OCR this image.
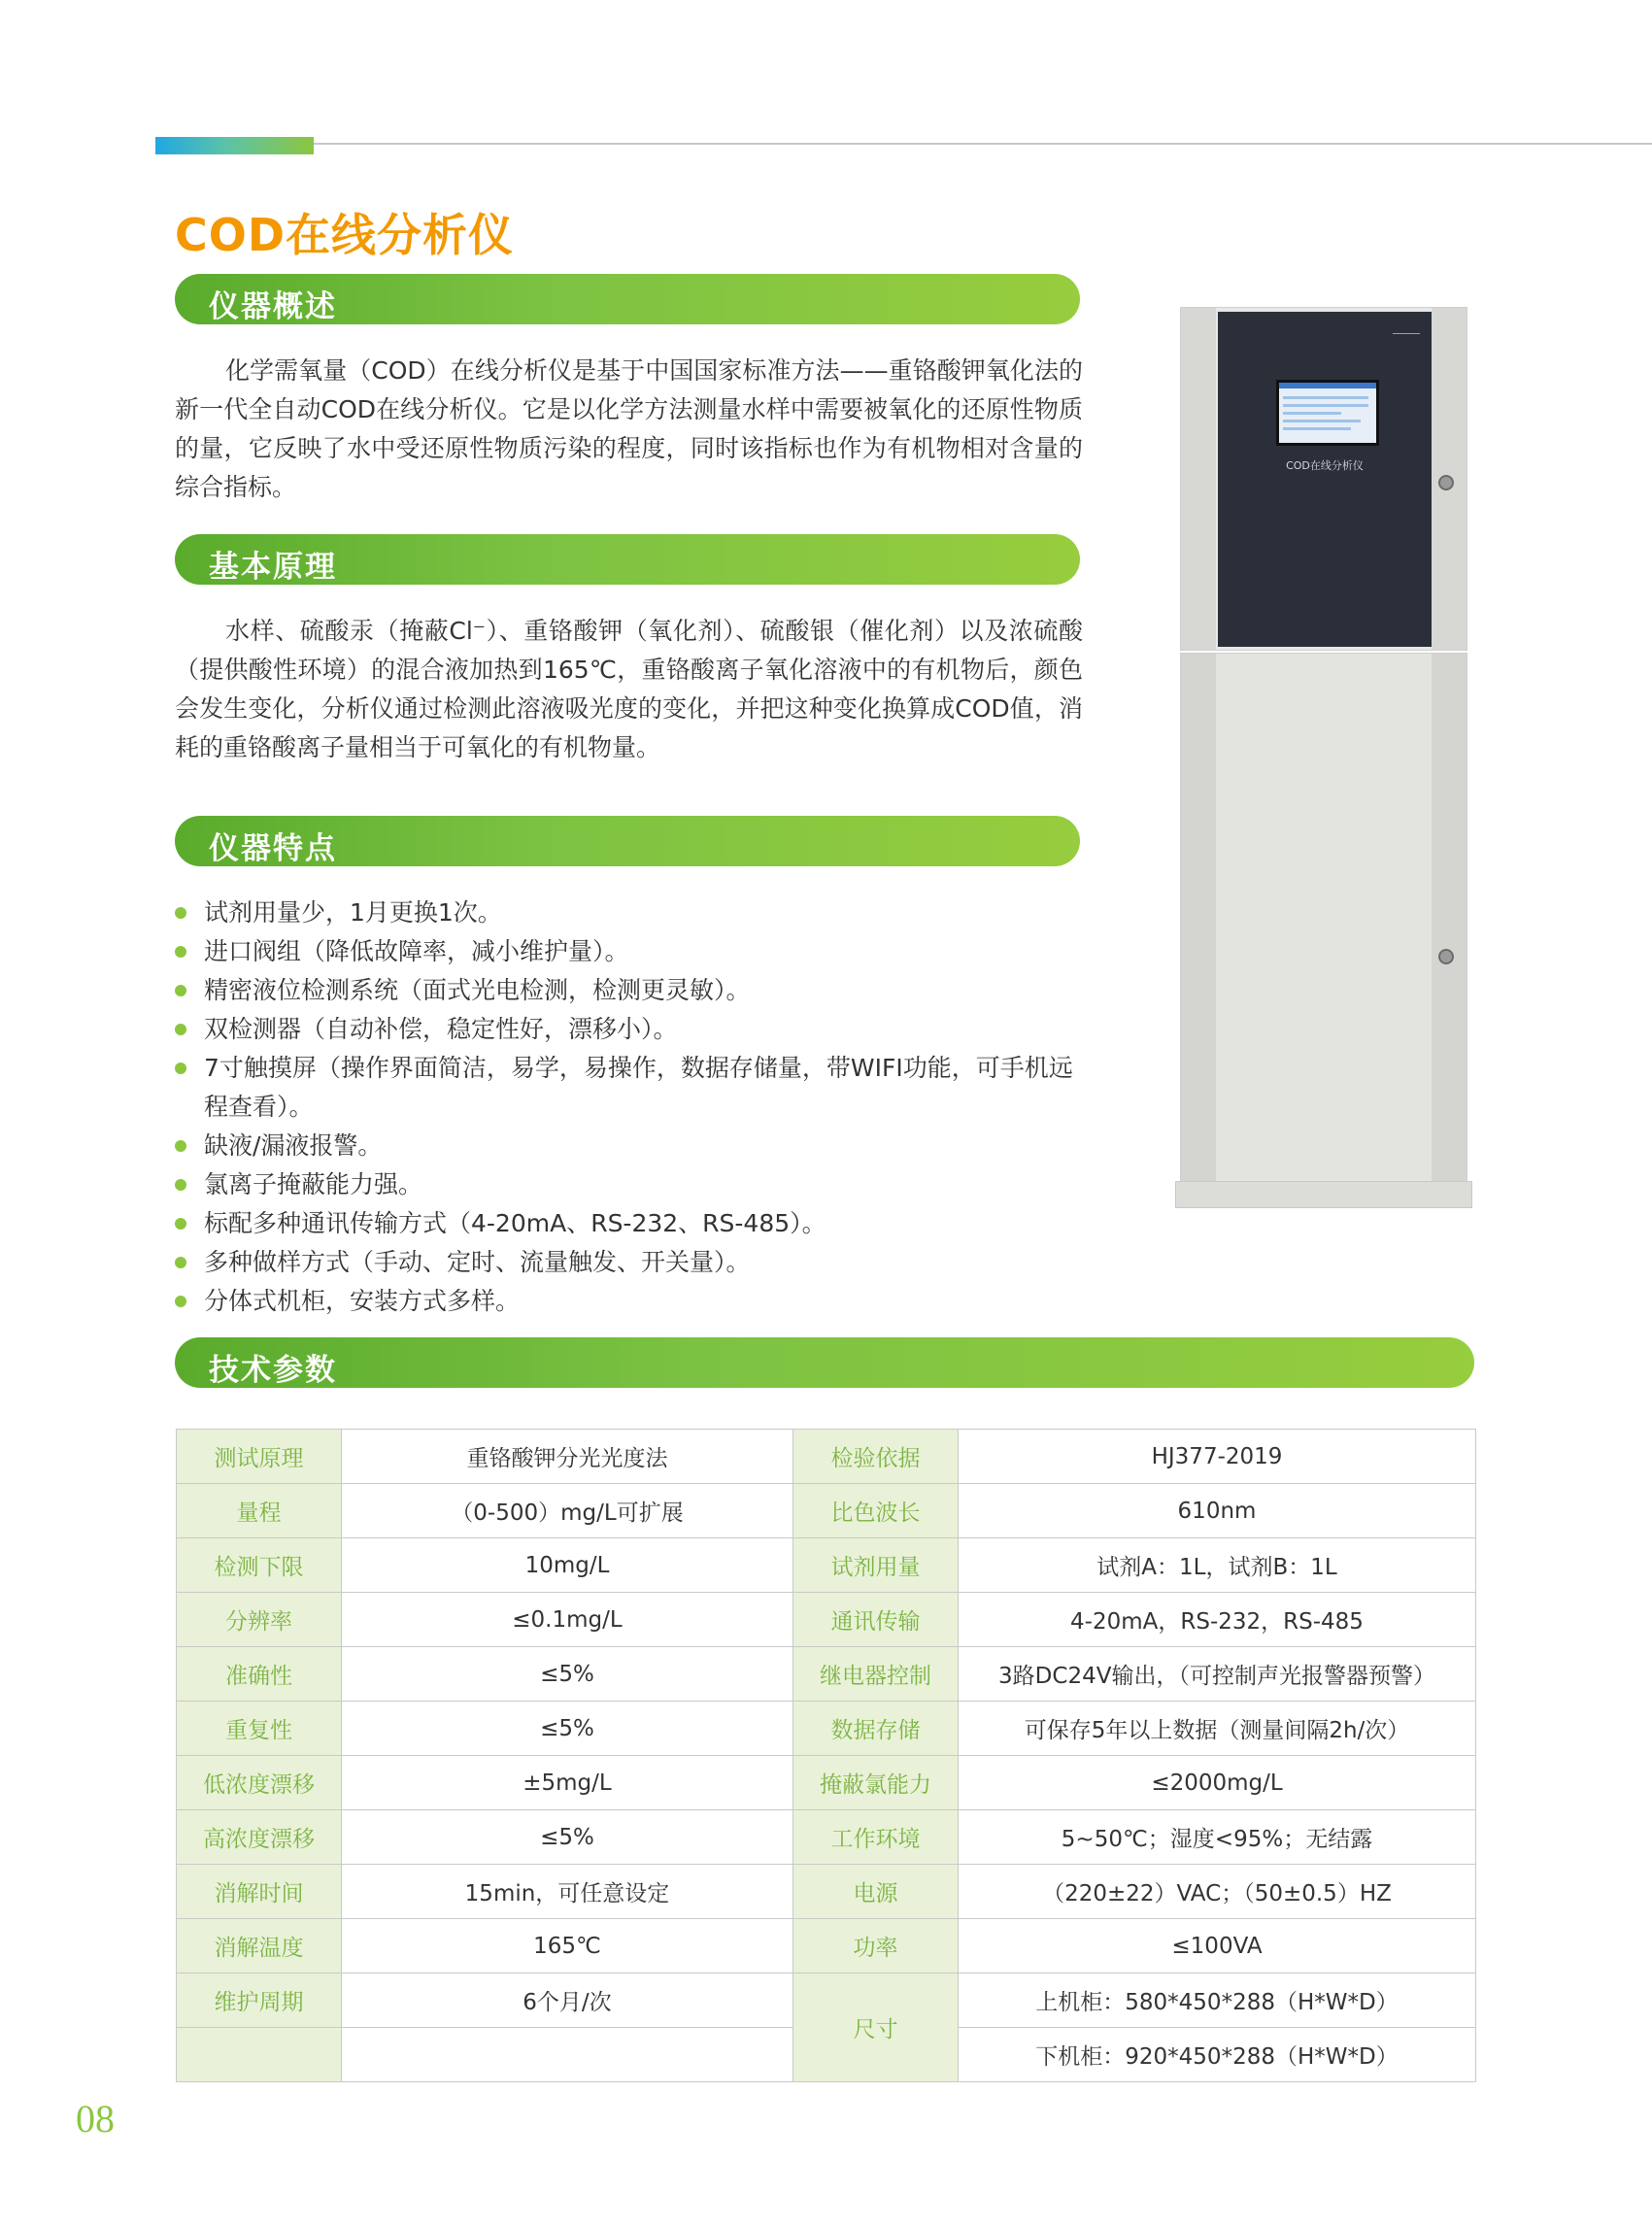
COD在线分析仪
仪器概述

化学需氧量（COD）在线分析仪是基于中国国家标准方法——重铬酸钾氧化法的新一代全自动COD在线分析仪。它是以化学方法测量水样中需要被氧化的还原性物质的量，它反映了水中受还原性物质污染的程度，同时该指标也作为有机物相对含量的综合指标。

基本原理

水样、硫酸汞（掩蔽Cl⁻）、重铬酸钾（氧化剂）、硫酸银（催化剂）以及浓硫酸（提供酸性环境）的混合液加热到165℃，重铬酸离子氧化溶液中的有机物后，颜色会发生变化，分析仪通过检测此溶液吸光度的变化，并把这种变化换算成COD值，消耗的重铬酸离子量相当于可氧化的有机物量。

仪器特点
试剂用量少，1月更换1次。
进口阀组（降低故障率，减小维护量）。
精密液位检测系统（面式光电检测，检测更灵敏）。
双检测器（自动补偿，稳定性好，漂移小）。
7寸触摸屏（操作界面简洁，易学，易操作，数据存储量，带WIFI功能，可手机远程查看）。
缺液/漏液报警。
氯离子掩蔽能力强。
标配多种通讯传输方式（4-20mA、RS-232、RS-485）。
多种做样方式（手动、定时、流量触发、开关量）。
分体式机柜，安装方式多样。
COD在线分析仪
技术参数
测试原理	重铬酸钾分光光度法	检验依据	HJ377-2019
量程	（0-500）mg/L可扩展	比色波长	610nm
检测下限	10mg/L	试剂用量	试剂A：1L，试剂B：1L
分辨率	≤0.1mg/L	通讯传输	4-20mA，RS-232，RS-485
准确性	≤5%	继电器控制	3路DC24V输出，（可控制声光报警器预警）
重复性	≤5%	数据存储	可保存5年以上数据（测量间隔2h/次）
低浓度漂移	±5mg/L	掩蔽氯能力	≤2000mg/L
高浓度漂移	≤5%	工作环境	5~50℃；湿度<95%；无结露
消解时间	15min，可任意设定	电源	（220±22）VAC；（50±0.5）HZ
消解温度	165℃	功率	≤100VA
维护周期	6个月/次	尺寸	上机柜：580*450*288（H*W*D）
			下机柜：920*450*288（H*W*D）
08
